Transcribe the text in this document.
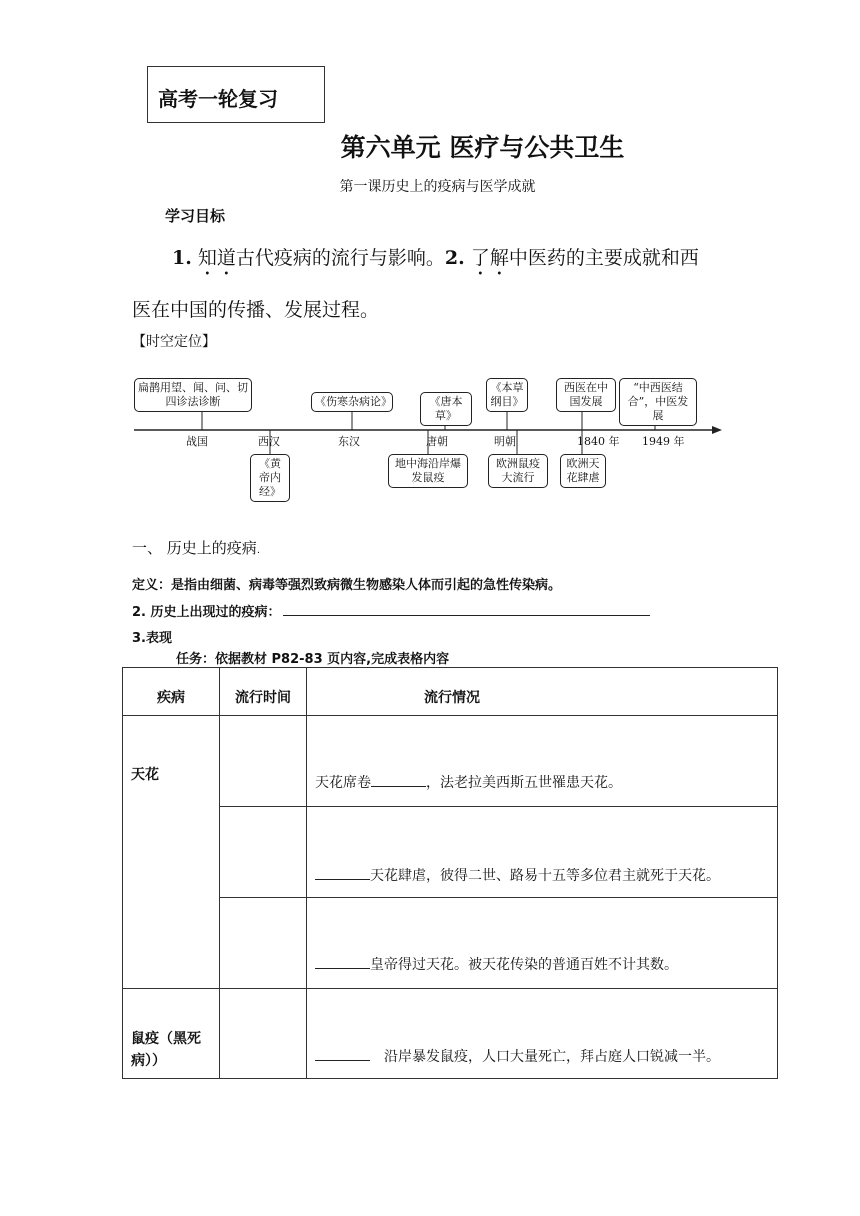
高考一轮复习
第六单元 医疗与公共卫生
第一课历史上的疫病与医学成就
学习目标
1. 知道古代疫病的流行与影响。2. 了解中医药的主要成就和西
医在中国的传播、发展过程。
【时空定位】
扁鹊用望、闻、问、切四诊法诊断	《伤寒杂病论》	《唐本草》
《本草纲目》
西医在中国发展
“中西医结合”，中医发展
《黄帝内经》
地中海沿岸爆发鼠疫
欧洲鼠疫大流行
欧洲天花肆虐
战国	西汉	东汉	唐朝	明朝	1840 年 1949 年
一、 历史上的疫病.
定义：是指由细菌、病毒等强烈致病微生物感染人体而引起的急性传染病。
2. 历史上出现过的疫病：
3.表现
任务：依据教材 P82-83 页内容,完成表格内容
疾病	流行时间	流行情况
天花		天花席卷 ，法老拉美西斯五世罹患天花。
		天花肆虐，彼得二世、路易十五等多位君主就死于天花。
		皇帝得过天花。被天花传染的普通百姓不计其数。
鼠疫（黑死病））		沿岸暴发鼠疫，人口大量死亡，拜占庭人口锐减一半。
